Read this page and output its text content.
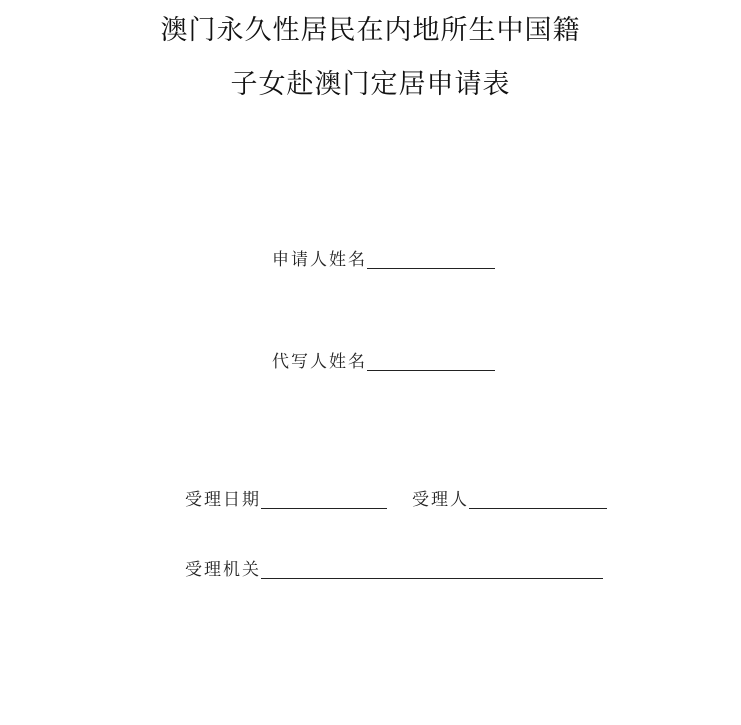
澳门永久性居民在内地所生中国籍
子女赴澳门定居申请表
申请人姓名
代写人姓名
受理日期	受理人
受理机关
